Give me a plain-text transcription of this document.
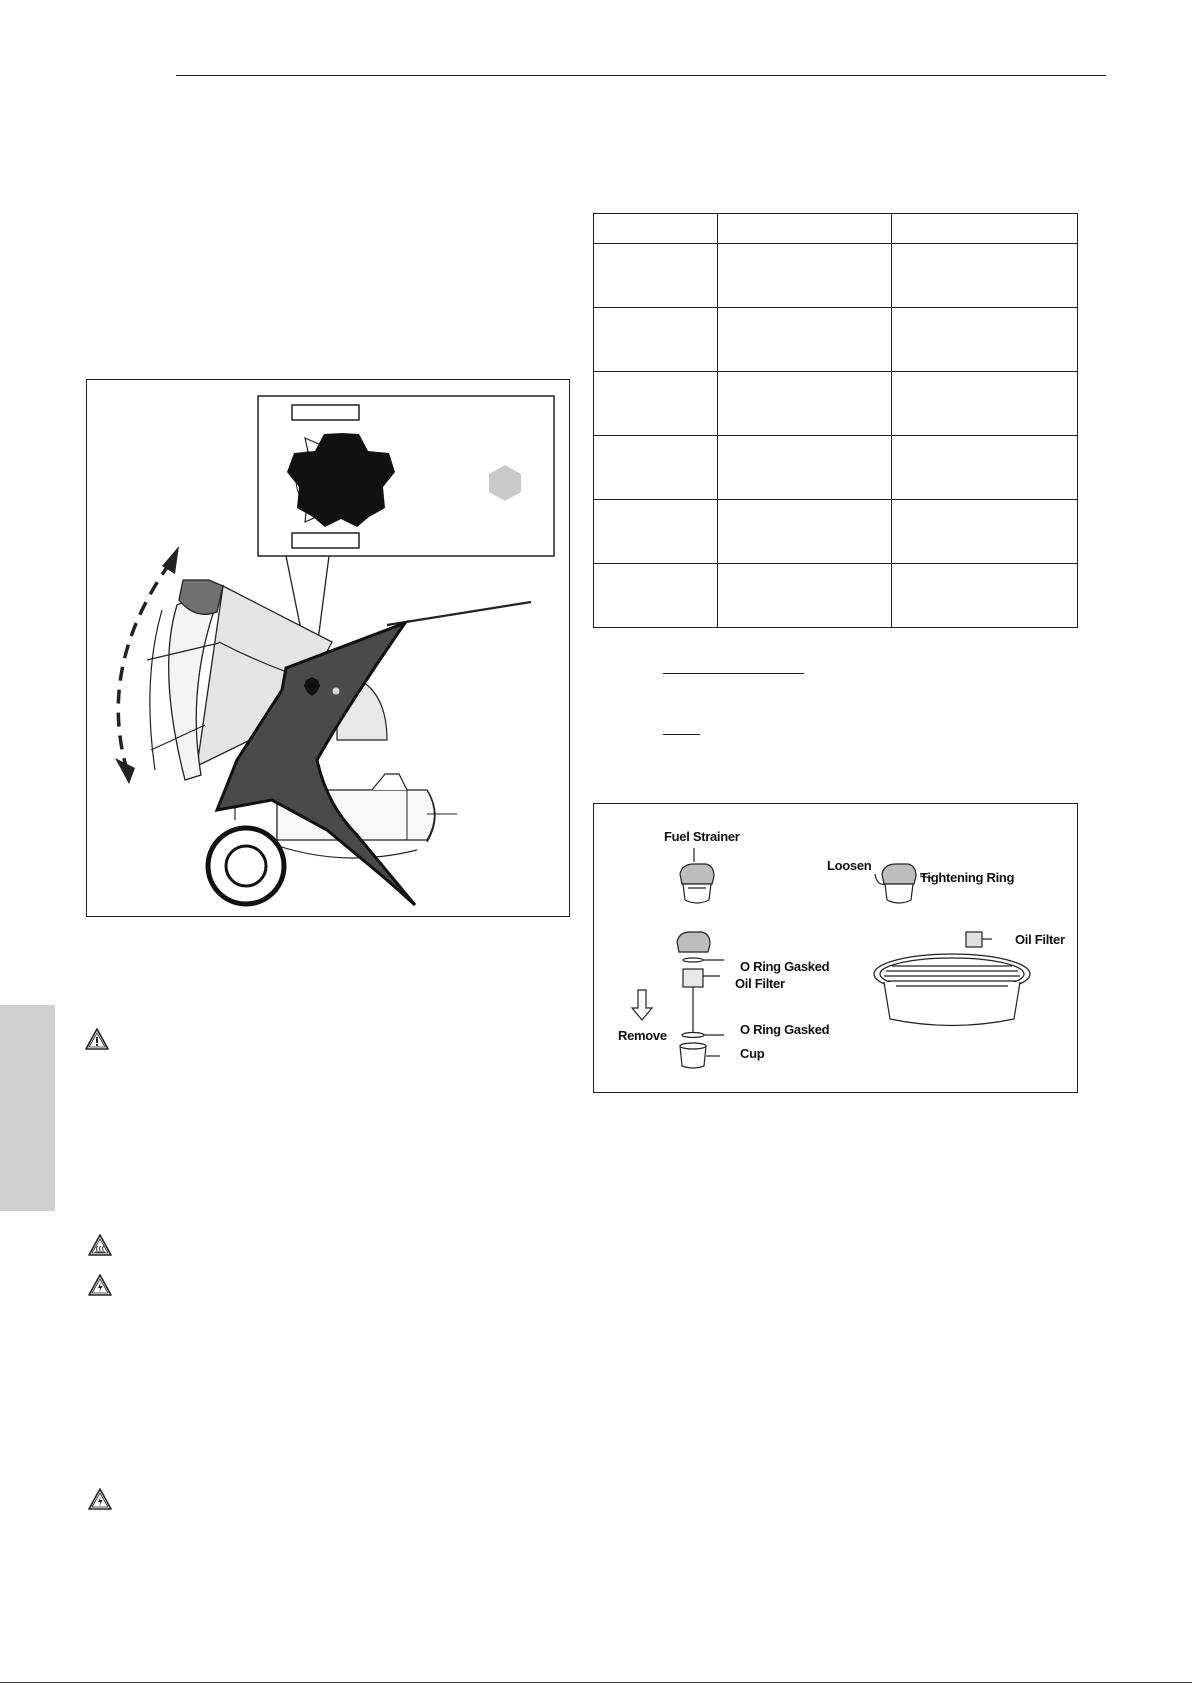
Fuel Strainer
Loosen
Tightening Ring
Oil Filter
O Ring Gasked
Oil Filter
Remove	O Ring Gasked
Cup
